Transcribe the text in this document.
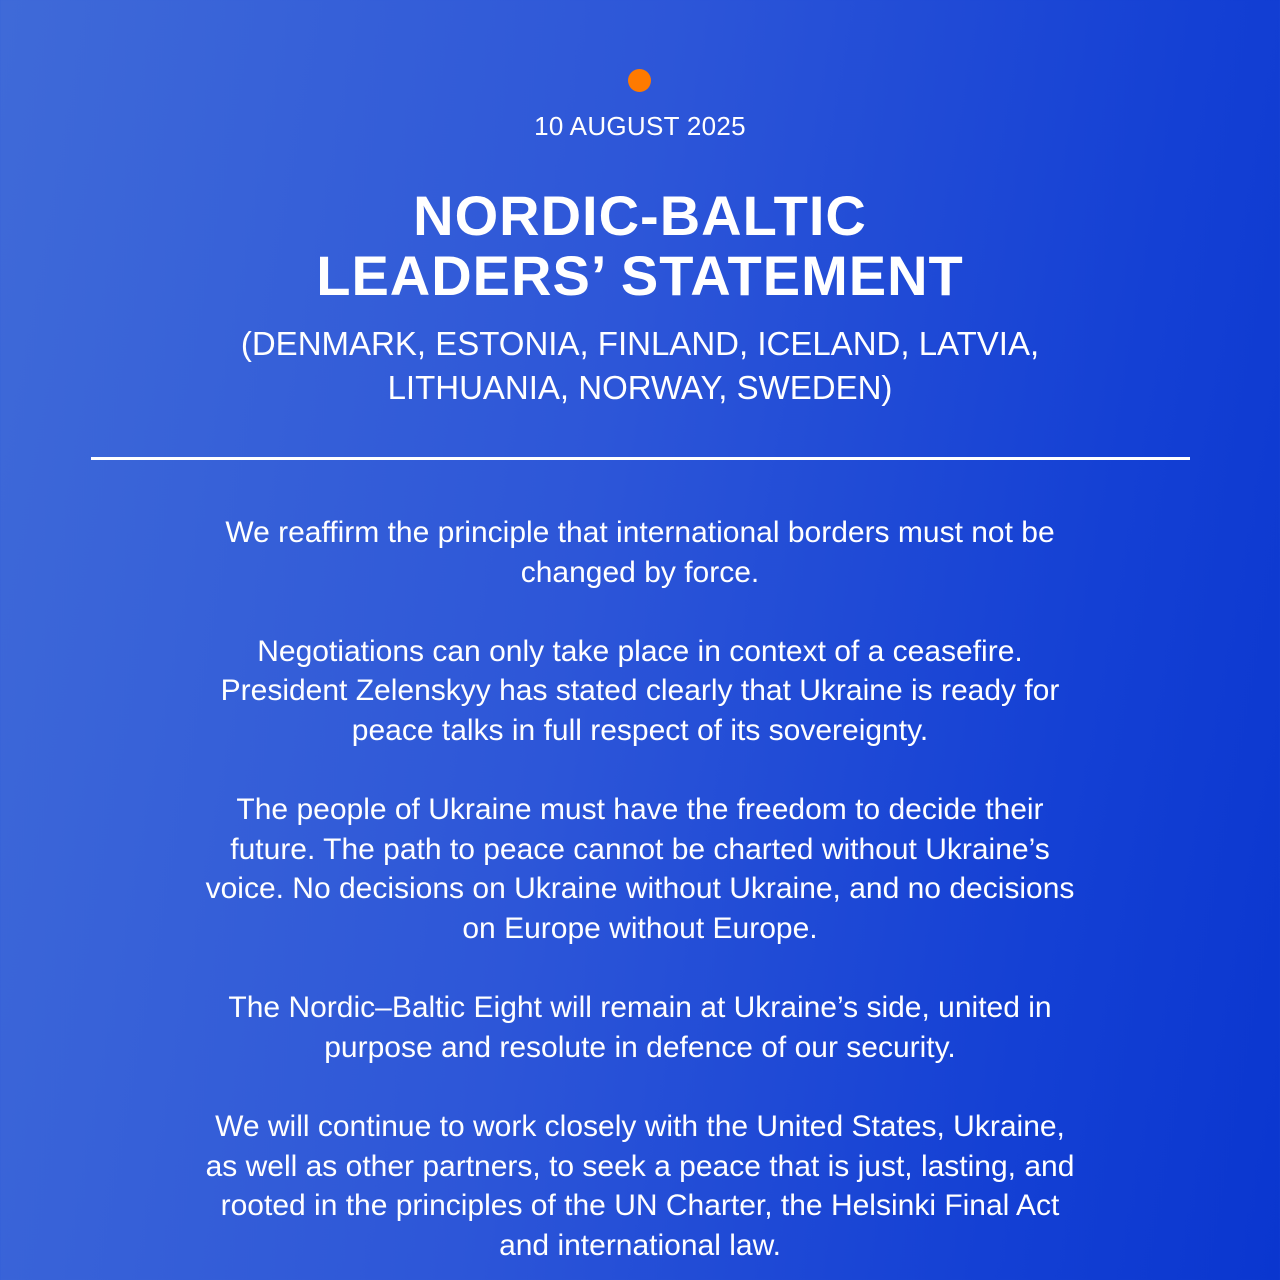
10 AUGUST 2025
NORDIC-BALTIC
LEADERS’ STATEMENT
(DENMARK, ESTONIA, FINLAND, ICELAND, LATVIA,
LITHUANIA, NORWAY, SWEDEN)

We reaffirm the principle that international borders must not be
changed by force.

Negotiations can only take place in context of a ceasefire.
President Zelenskyy has stated clearly that Ukraine is ready for
peace talks in full respect of its sovereignty.

The people of Ukraine must have the freedom to decide their
future. The path to peace cannot be charted without Ukraine’s
voice. No decisions on Ukraine without Ukraine, and no decisions
on Europe without Europe.

The Nordic–Baltic Eight will remain at Ukraine’s side, united in
purpose and resolute in defence of our security.

We will continue to work closely with the United States, Ukraine,
as well as other partners, to seek a peace that is just, lasting, and
rooted in the principles of the UN Charter, the Helsinki Final Act
and international law.
